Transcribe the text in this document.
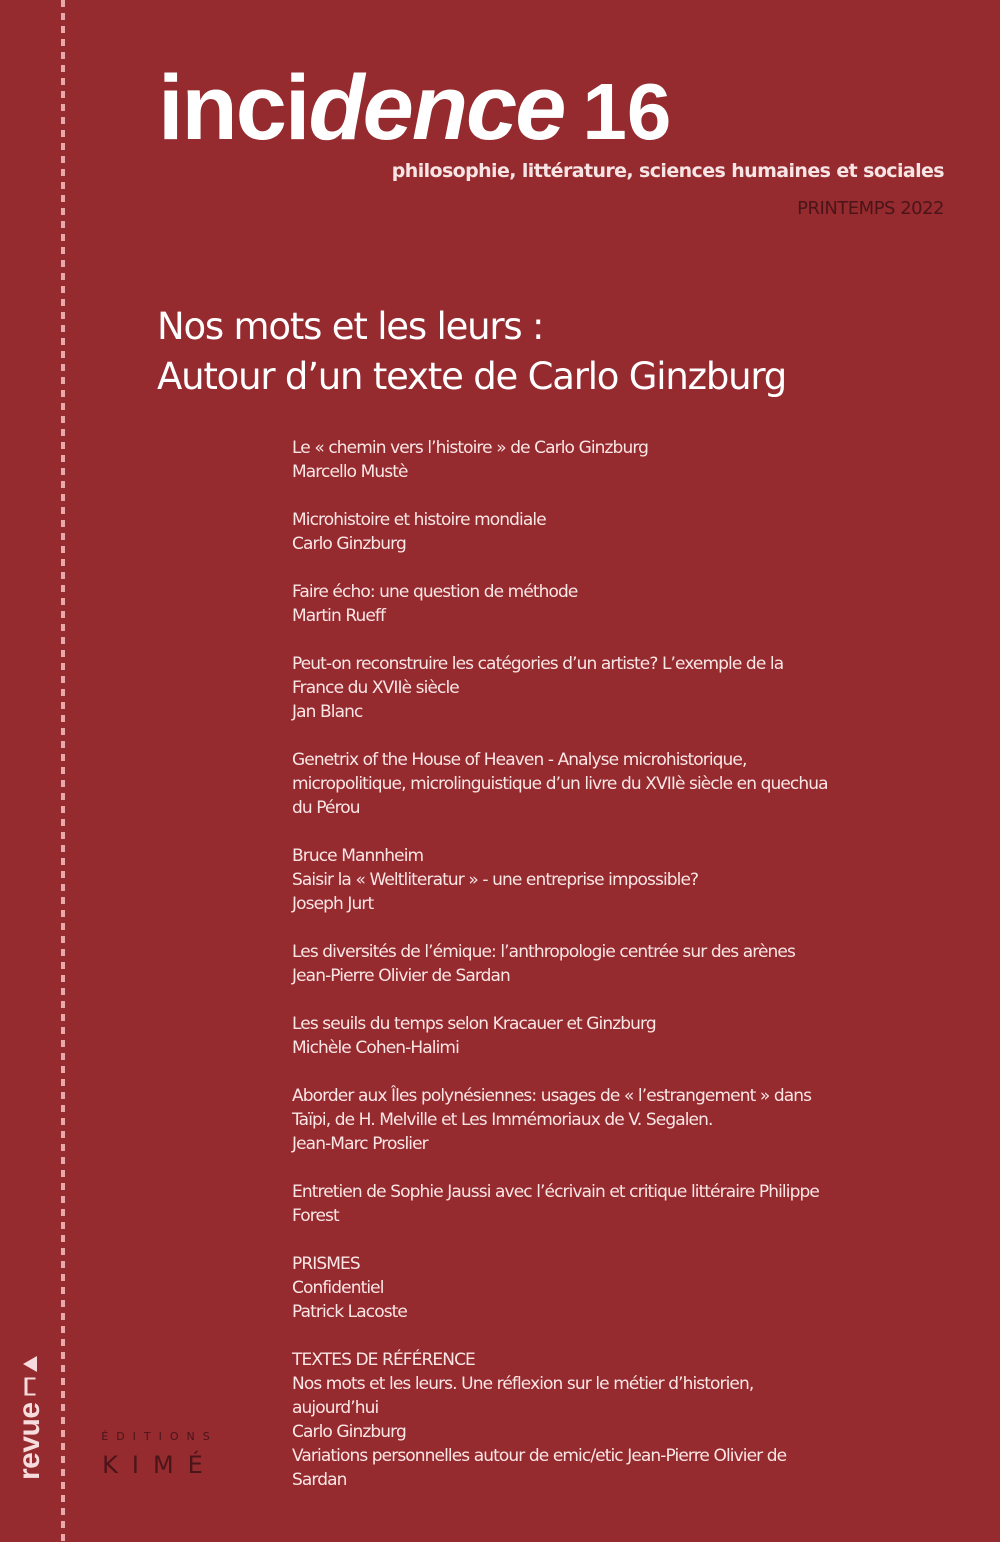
revue
incidence 16
philosophie, littérature, sciences humaines et sociales
PRINTEMPS 2022
Nos mots et les leurs :
Autour d’un texte de Carlo Ginzburg
Le « chemin vers l’histoire » de Carlo Ginzburg
Marcello Mustè
Microhistoire et histoire mondiale
Carlo Ginzburg
Faire écho: une question de méthode
Martin Rueff
Peut-on reconstruire les catégories d’un artiste? L’exemple de la
France du XVIIè siècle
Jan Blanc
Genetrix of the House of Heaven - Analyse microhistorique,
micropolitique, microlinguistique d’un livre du XVIIè siècle en quechua
du Pérou
Bruce Mannheim
Saisir la « Weltliteratur » - une entreprise impossible?
Joseph Jurt
Les diversités de l’émique: l’anthropologie centrée sur des arènes
Jean-Pierre Olivier de Sardan
Les seuils du temps selon Kracauer et Ginzburg
Michèle Cohen-Halimi
Aborder aux Îles polynésiennes: usages de « l’estrangement » dans
Taïpi, de H. Melville et Les Immémoriaux de V. Segalen.
Jean-Marc Proslier
Entretien de Sophie Jaussi avec l’écrivain et critique littéraire Philippe
Forest
PRISMES
Confidentiel
Patrick Lacoste
TEXTES DE RÉFÉRENCE
Nos mots et les leurs. Une réflexion sur le métier d’historien,
aujourd’hui
Carlo Ginzburg
Variations personnelles autour de emic/etic Jean-Pierre Olivier de
Sardan
ÉDITIONS
KIMÉ
